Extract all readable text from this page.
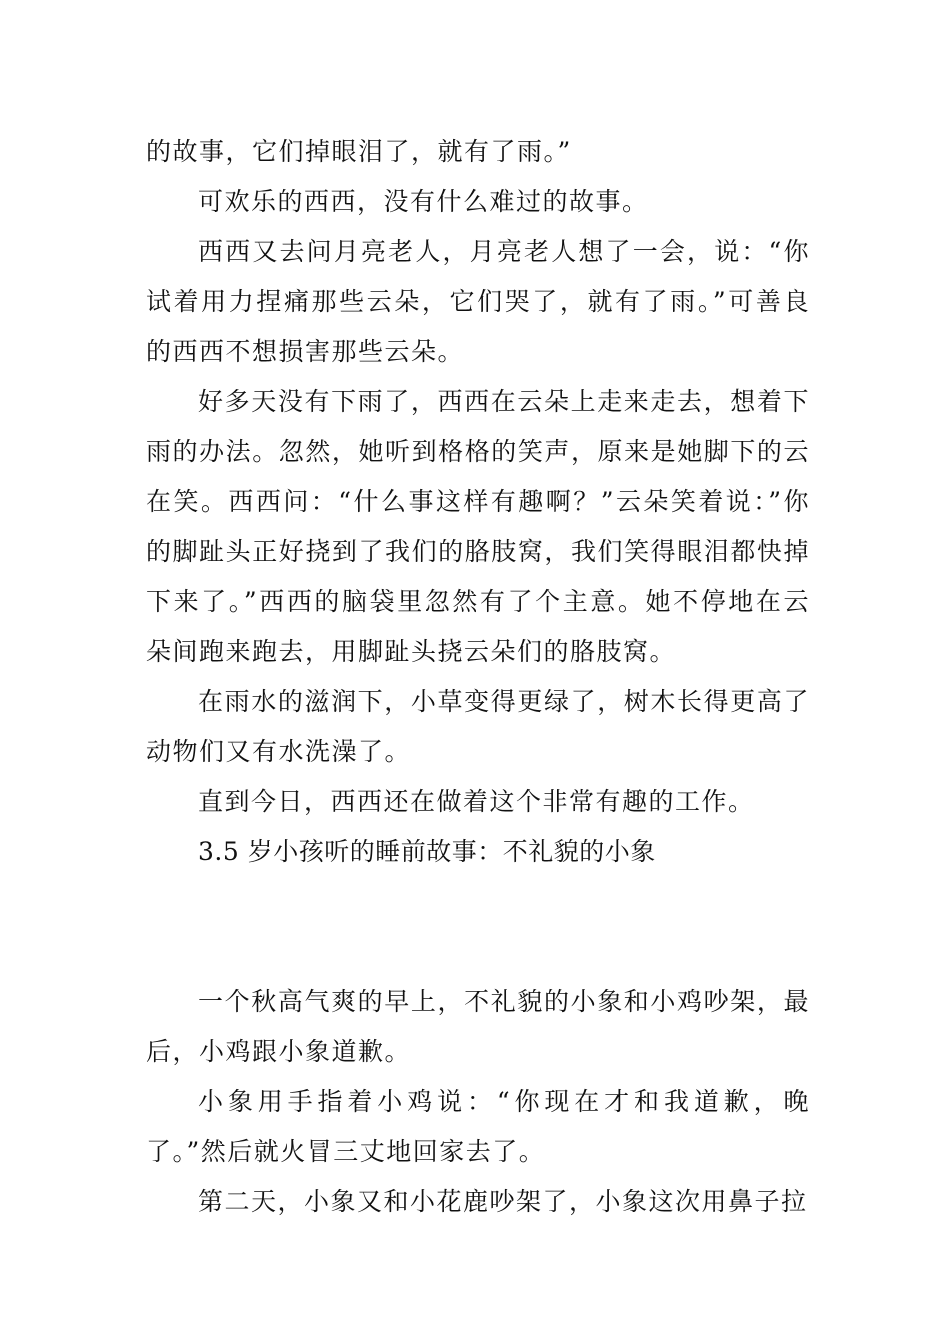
的故事，它们掉眼泪了，就有了雨。”

可欢乐的西西，没有什么难过的故事。

西西又去问月亮老人，月亮老人想了一会，说：“你试着用力捏痛那些云朵，它们哭了，就有了雨。”可善良的西西不想损害那些云朵。

好多天没有下雨了，西西在云朵上走来走去，想着下雨的办法。忽然，她听到格格的笑声，原来是她脚下的云在笑。西西问：“什么事这样有趣啊？”云朵笑着说：”你的脚趾头正好挠到了我们的胳肢窝，我们笑得眼泪都快掉下来了。”西西的脑袋里忽然有了个主意。她不停地在云朵间跑来跑去，用脚趾头挠云朵们的胳肢窝。

在雨水的滋润下，小草变得更绿了，树木长得更高了动物们又有水洗澡了。

直到今日，西西还在做着这个非常有趣的工作。

3.5 岁小孩听的睡前故事：不礼貌的小象

一个秋高气爽的早上，不礼貌的小象和小鸡吵架，最后，小鸡跟小象道歉。

小象用手指着小鸡说：“你现在才和我道歉，晚了。”然后就火冒三丈地回家去了。

第二天，小象又和小花鹿吵架了，小象这次用鼻子拉
